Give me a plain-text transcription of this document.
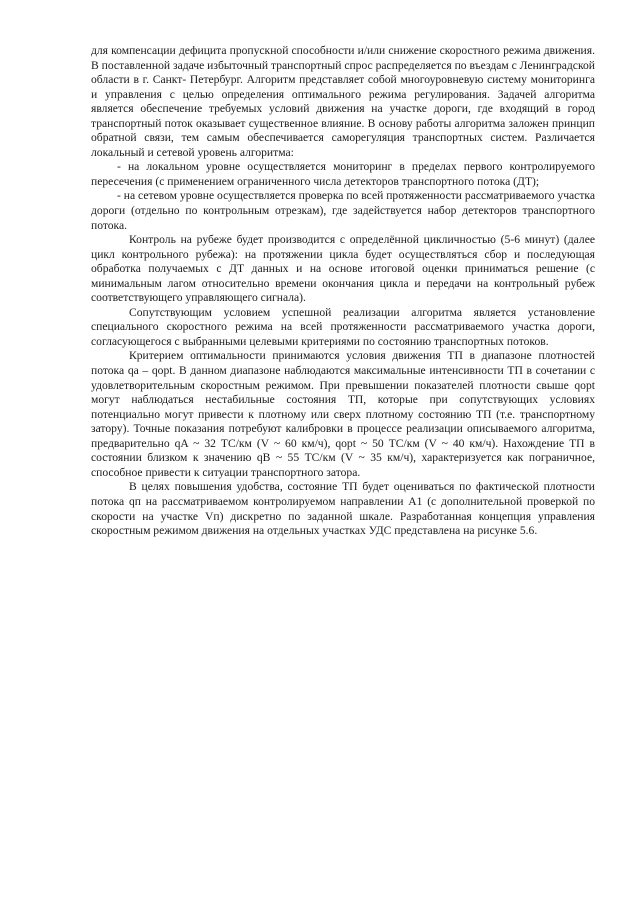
для компенсации дефицита пропускной способности и/или снижение скоростного режима движения. В поставленной задаче избыточный транспортный спрос распределяется по въездам с Ленинградской области в г. Санкт- Петербург. Алгоритм представляет собой многоуровневую систему мониторинга и управления с целью определения оптимального режима регулирования. Задачей алгоритма является обеспечение требуемых условий движения на участке дороги, где входящий в город транспортный поток оказывает существенное влияние. В основу работы алгоритма заложен принцип обратной связи, тем самым обеспечивается саморегуляция транспортных систем. Различается локальный и сетевой уровень алгоритма:

- на локальном уровне осуществляется мониторинг в пределах первого контролируемого пересечения (с применением ограниченного числа детекторов транспортного потока (ДТ);

- на сетевом уровне осуществляется проверка по всей протяженности рассматриваемого участка дороги (отдельно по контрольным отрезкам), где задействуется набор детекторов транспортного потока.

Контроль на рубеже будет производится с определённой цикличностью (5-6 минут) (далее цикл контрольного рубежа): на протяжении цикла будет осуществляться сбор и последующая обработка получаемых с ДТ данных и на основе итоговой оценки приниматься решение (с минимальным лагом относительно времени окончания цикла и передачи на контрольный рубеж соответствующего управляющего сигнала).

Сопутствующим условием успешной реализации алгоритма является установление специального скоростного режима на всей протяженности рассматриваемого участка дороги, согласующегося с выбранными целевыми критериями по состоянию транспортных потоков.

Критерием оптимальности принимаются условия движения ТП в диапазоне плотностей потока qa – qopt. В данном диапазоне наблюдаются максимальные интенсивности ТП в сочетании с удовлетворительным скоростным режимом. При превышении показателей плотности свыше qopt могут наблюдаться нестабильные состояния ТП, которые при сопутствующих условиях потенциально могут привести к плотному или сверх плотному состоянию ТП (т.е. транспортному затору). Точные показания потребуют калибровки в процессе реализации описываемого алгоритма, предварительно qA ~ 32 ТС/км (V ~ 60 км/ч), qopt ~ 50 ТС/км (V ~ 40 км/ч). Нахождение ТП в состоянии близком к значению qB ~ 55 ТС/км (V ~ 35 км/ч), характеризуется как пограничное, способное привести к ситуации транспортного затора.

В целях повышения удобства, состояние ТП будет оцениваться по фактической плотности потока qп на рассматриваемом контролируемом направлении А1 (с дополнительной проверкой по скорости на участке Vп) дискретно по заданной шкале. Разработанная концепция управления скоростным режимом движения на отдельных участках УДС представлена на рисунке 5.6.
